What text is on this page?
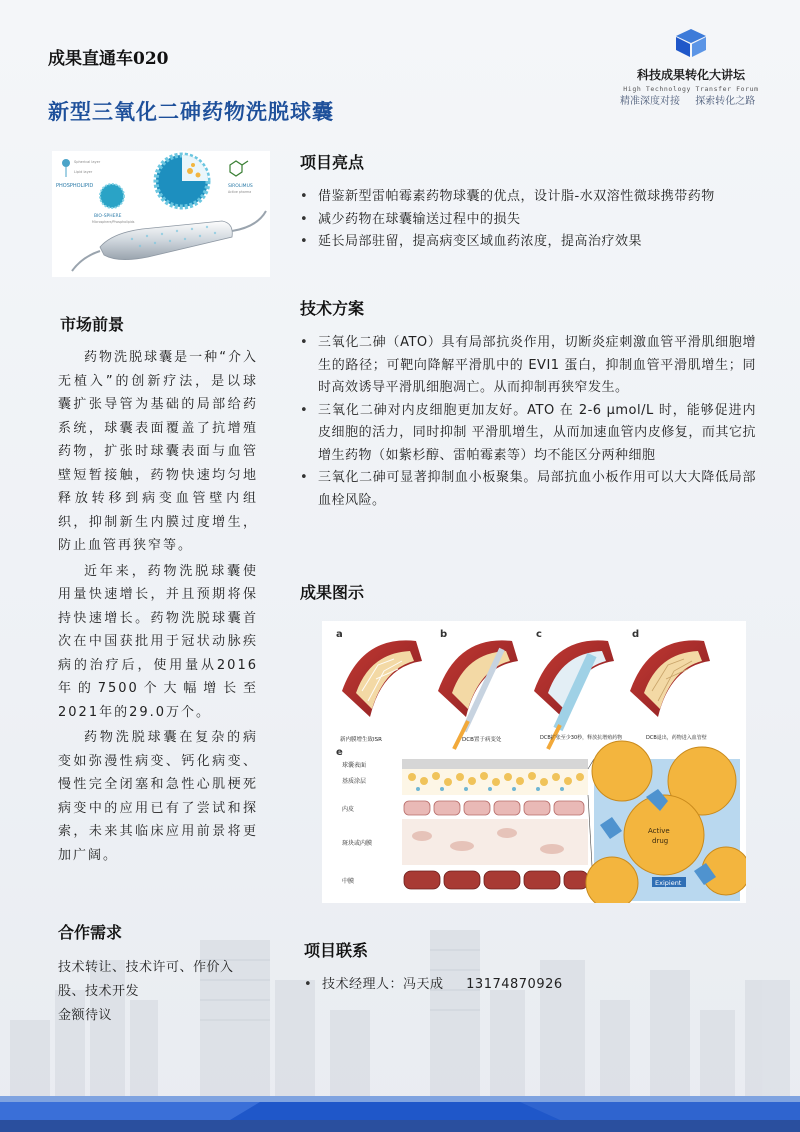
成果直通车020
新型三氧化二砷药物洗脱球囊
科技成果转化大讲坛
High Technology Transfer Forum
精准深度对接 探索转化之路
PHOSPHOLIPID
Spherical layer
Lipid layer
BIO-SPHERE
Microsphere/Phospholipids
SIROLIMUS
Active pharma
市场前景

药物洗脱球囊是一种“介入无植入”的创新疗法，是以球囊扩张导管为基础的局部给药系统，球囊表面覆盖了抗增殖药物，扩张时球囊表面与血管壁短暂接触，药物快速均匀地释放转移到病变血管壁内组织，抑制新生内膜过度增生，防止血管再狭窄等。

近年来，药物洗脱球囊使用量快速增长，并且预期将保持快速增长。药物洗脱球囊首次在中国获批用于冠状动脉疾病的治疗后，使用量从2016年的7500个大幅增长至2021年的29.0万个。

药物洗脱球囊在复杂的病变如弥漫性病变、钙化病变、慢性完全闭塞和急性心肌梗死病变中的应用已有了尝试和探索，未来其临床应用前景将更加广阔。

合作需求
技术转让、技术许可、作价入股、技术开发
金额待议
项目亮点
• 借鉴新型雷帕霉素药物球囊的优点，设计脂-水双溶性微球携带药物
• 减少药物在球囊输送过程中的损失
• 延长局部驻留，提高病变区域血药浓度，提高治疗效果
技术方案
• 三氧化二砷（ATO）具有局部抗炎作用，切断炎症刺激血管平滑肌细胞增生的路径；可靶向降解平滑肌中的 EVI1 蛋白，抑制血管平滑肌增生；同时高效诱导平滑肌细胞凋亡。从而抑制再狭窄发生。
• 三氧化二砷对内皮细胞更加友好。ATO 在 2-6 μmol/L 时，能够促进内皮细胞的活力，同时抑制 平滑肌增生，从而加速血管内皮修复，而其它抗增生药物（如紫杉醇、雷帕霉素等）均不能区分两种细胞
• 三氧化二砷可显著抑制血小板聚集。局部抗血小板作用可以大大降低局部血栓风险。
成果图示
a	b	c	d
新内膜增生致ISR	DCB置于病变处	DCB扩张至少30秒，释放抗增殖药物	DCB退出，药物进入血管壁
e
球囊表面
基质涂层
内皮
斑块或内膜
中膜
Active
drug
Exipient
项目联系
• 技术经理人：冯天成 13174870926
